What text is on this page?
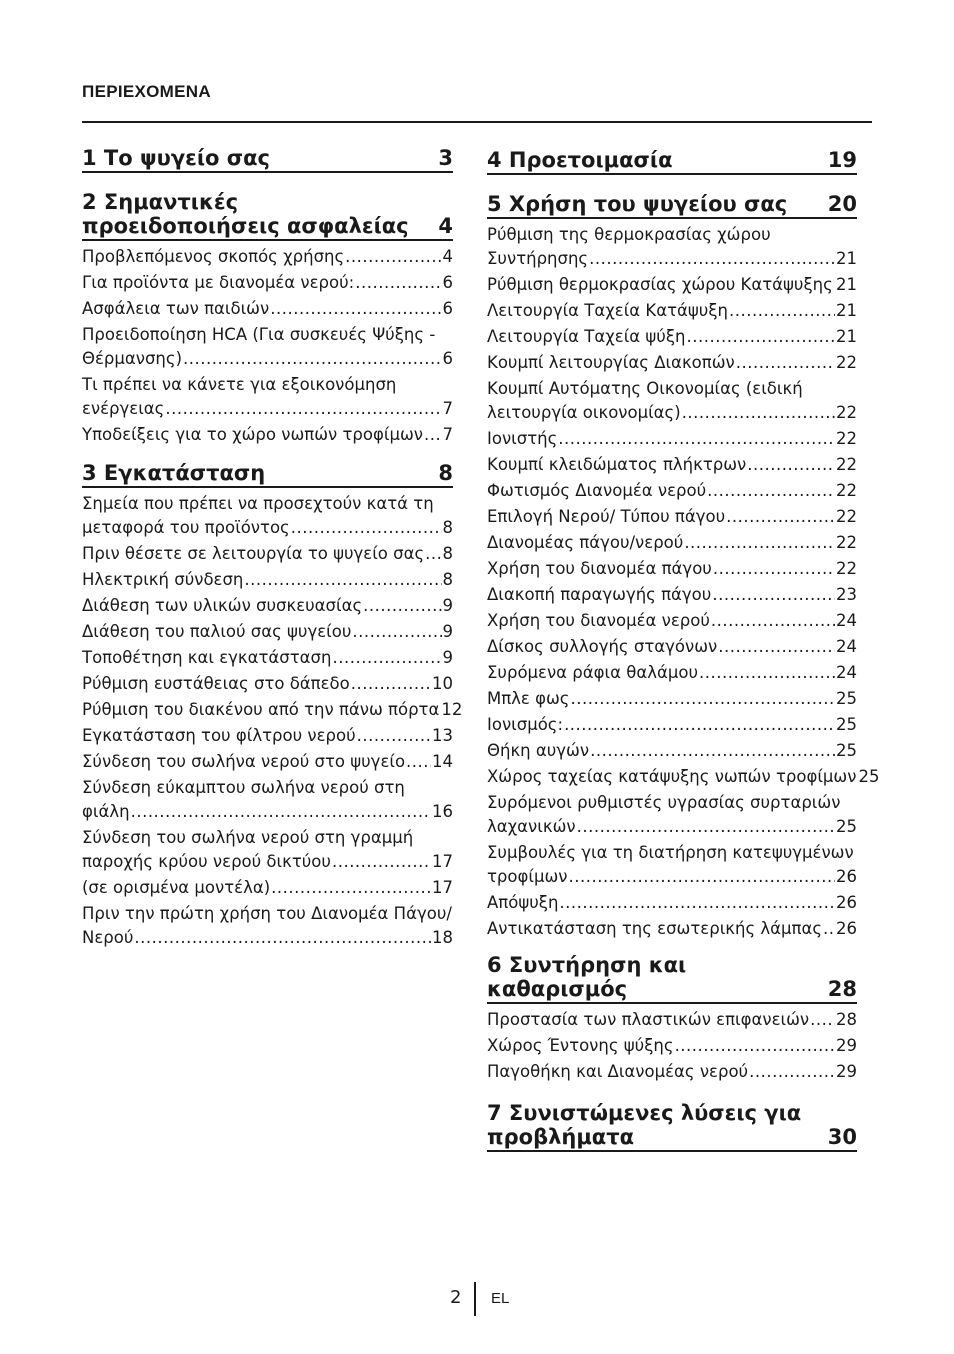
ΠΕΡΙΕΧΟΜΕΝΑ
1 Το ψυγείο σας	3
2 Σημαντικές προειδοποιήσεις ασφαλείας	4
Προβλεπόμενος σκοπός χρήσης .....	4
Για προϊόντα με διανομέα νερού: .....	6
Ασφάλεια των παιδιών .....	6
Προειδοποίηση HCA (Για συσκευές Ψύξης -
Θέρμανσης) .....	6
Τι πρέπει να κάνετε για εξοικονόμηση
ενέργειας .....	7
Υποδείξεις για το χώρο νωπών τροφίμων ..... 7
3 Εγκατάσταση	8
Σημεία που πρέπει να προσεχτούν κατά τη
μεταφορά του προϊόντος .....	8
Πριν θέσετε σε λειτουργία το ψυγείο σας ..... 8
Ηλεκτρική σύνδεση .....	8
Διάθεση των υλικών συσκευασίας .....	9
Διάθεση του παλιού σας ψυγείου .....	9
Τοποθέτηση και εγκατάσταση .....	9
Ρύθμιση ευστάθειας στο δάπεδο .....	10
Ρύθμιση του διακένου από την πάνω πόρτα 12
Εγκατάσταση του φίλτρου νερού .....	13
Σύνδεση του σωλήνα νερού στο ψυγείο ..... 14
Σύνδεση εύκαμπτου σωλήνα νερού στη
φιάλη .....	16
Σύνδεση του σωλήνα νερού στη γραμμή
παροχής κρύου νερού δικτύου .....	17
(σε ορισμένα μοντέλα) .....	17
Πριν την πρώτη χρήση του Διανομέα Πάγου/
Νερού .....	18
4 Προετοιμασία	19
5 Χρήση του ψυγείου σας	20
Ρύθμιση της θερμοκρασίας χώρου
Συντήρησης .....	21
Ρύθμιση θερμοκρασίας χώρου Κατάψυξης ..... 21
Λειτουργία Ταχεία Κατάψυξη .....	21
Λειτουργία Ταχεία ψύξη .....	21
Κουμπί λειτουργίας Διακοπών .....	22
Κουμπί Αυτόματης Οικονομίας (ειδική
λειτουργία οικονομίας) .....	22
Ιονιστής .....	22
Κουμπί κλειδώματος πλήκτρων .....	22
Φωτισμός Διανομέα νερού .....	22
Επιλογή Νερού/ Τύπου πάγου .....	22
Διανομέας πάγου/νερού .....	22
Χρήση του διανομέα πάγου .....	22
Διακοπή παραγωγής πάγου .....	23
Χρήση του διανομέα νερού .....	24
Δίσκος συλλογής σταγόνων .....	24
Συρόμενα ράφια θαλάμου .....	24
Μπλε φως .....	25
Ιονισμός: .....	25
Θήκη αυγών .....	25
Χώρος ταχείας κατάψυξης νωπών τροφίμων 25
Συρόμενοι ρυθμιστές υγρασίας συρταριών
λαχανικών .....	25
Συμβουλές για τη διατήρηση κατεψυγμένων
τροφίμων .....	26
Απόψυξη .....	26
Αντικατάσταση της εσωτερικής λάμπας ..... 26
6 Συντήρηση και καθαρισμός	28
Προστασία των πλαστικών επιφανειών ..... 28
Χώρος Έντονης ψύξης .....	29
Παγοθήκη και Διανομέας νερού .....	29
7 Συνιστώμενες λύσεις για προβλήματα	30
2 EL
